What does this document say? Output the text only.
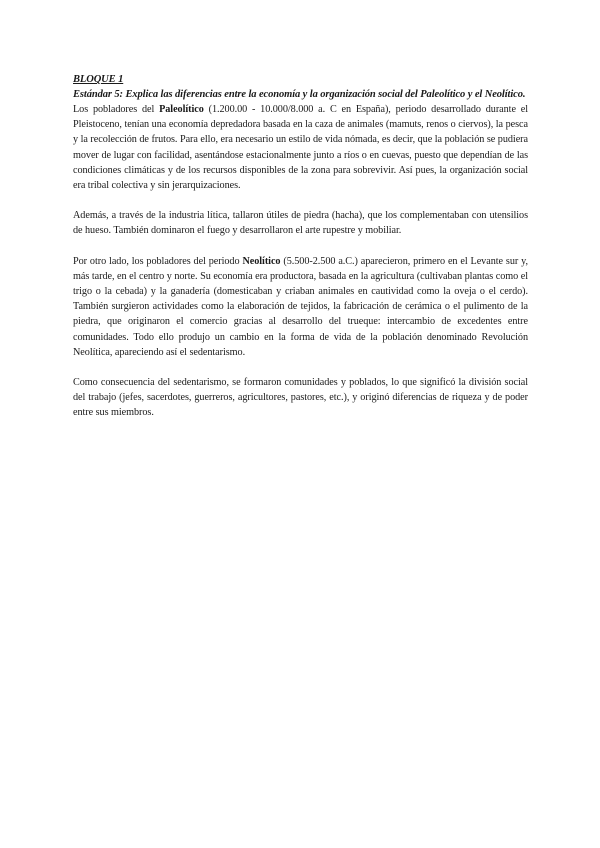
BLOQUE 1

Estándar 5: Explica las diferencias entre la economía y la organización social del Paleolítico y el Neolítico.

Los pobladores del Paleolítico (1.200.00 - 10.000/8.000 a. C en España), periodo desarrollado durante el Pleistoceno, tenían una economía depredadora basada en la caza de animales (mamuts, renos o ciervos), la pesca y la recolección de frutos. Para ello, era necesario un estilo de vida nómada, es decir, que la población se pudiera mover de lugar con facilidad, asentándose estacionalmente junto a ríos o en cuevas, puesto que dependían de las condiciones climáticas y de los recursos disponibles de la zona para sobrevivir. Así pues, la organización social era tribal colectiva y sin jerarquizaciones.

Además, a través de la industria lítica, tallaron útiles de piedra (hacha), que los complementaban con utensilios de hueso. También dominaron el fuego y desarrollaron el arte rupestre y mobiliar.

Por otro lado, los pobladores del periodo Neolítico (5.500-2.500 a.C.) aparecieron, primero en el Levante sur y, más tarde, en el centro y norte. Su economía era productora, basada en la agricultura (cultivaban plantas como el trigo o la cebada) y la ganadería (domesticaban y criaban animales en cautividad como la oveja o el cerdo). También surgieron actividades como la elaboración de tejidos, la fabricación de cerámica o el pulimento de la piedra, que originaron el comercio gracias al desarrollo del trueque: intercambio de excedentes entre comunidades. Todo ello produjo un cambio en la forma de vida de la población denominado Revolución Neolítica, apareciendo así el sedentarismo.

Como consecuencia del sedentarismo, se formaron comunidades y poblados, lo que significó la división social del trabajo (jefes, sacerdotes, guerreros, agricultores, pastores, etc.), y originó diferencias de riqueza y de poder entre sus miembros.
